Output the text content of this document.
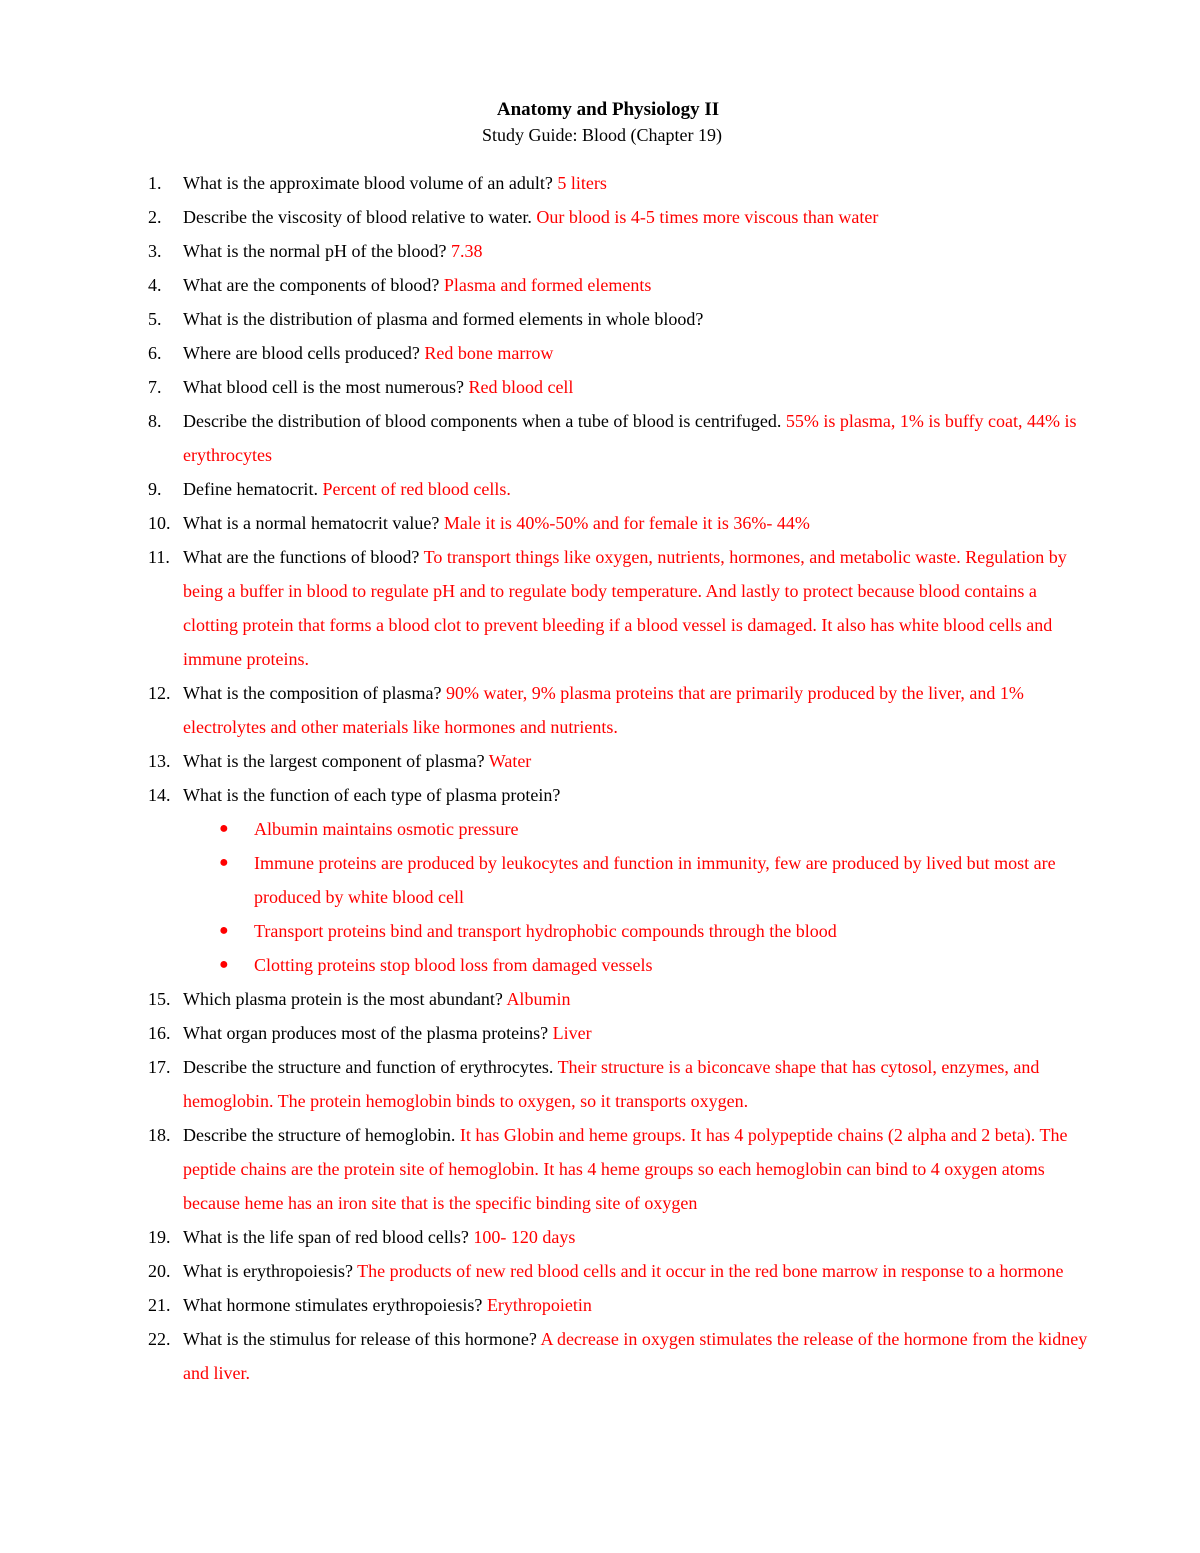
Anatomy and Physiology II
Study Guide: Blood (Chapter 19)
1. What is the approximate blood volume of an adult? 5 liters
2. Describe the viscosity of blood relative to water. Our blood is 4-5 times more viscous than water
3. What is the normal pH of the blood? 7.38
4. What are the components of blood? Plasma and formed elements
5. What is the distribution of plasma and formed elements in whole blood?
6. Where are blood cells produced? Red bone marrow
7. What blood cell is the most numerous? Red blood cell
8. Describe the distribution of blood components when a tube of blood is centrifuged. 55% is plasma, 1% is buffy coat, 44% is erythrocytes
9. Define hematocrit. Percent of red blood cells.
10. What is a normal hematocrit value? Male it is 40%-50% and for female it is 36%- 44%
11. What are the functions of blood? To transport things like oxygen, nutrients, hormones, and metabolic waste. Regulation by being a buffer in blood to regulate pH and to regulate body temperature. And lastly to protect because blood contains a clotting protein that forms a blood clot to prevent bleeding if a blood vessel is damaged. It also has white blood cells and immune proteins.
12. What is the composition of plasma? 90% water, 9% plasma proteins that are primarily produced by the liver, and 1% electrolytes and other materials like hormones and nutrients.
13. What is the largest component of plasma? Water
14. What is the function of each type of plasma protein?
● Albumin maintains osmotic pressure
● Immune proteins are produced by leukocytes and function in immunity, few are produced by lived but most are produced by white blood cell
● Transport proteins bind and transport hydrophobic compounds through the blood
● Clotting proteins stop blood loss from damaged vessels
15. Which plasma protein is the most abundant? Albumin
16. What organ produces most of the plasma proteins? Liver
17. Describe the structure and function of erythrocytes. Their structure is a biconcave shape that has cytosol, enzymes, and hemoglobin. The protein hemoglobin binds to oxygen, so it transports oxygen.
18. Describe the structure of hemoglobin. It has Globin and heme groups. It has 4 polypeptide chains (2 alpha and 2 beta). The peptide chains are the protein site of hemoglobin. It has 4 heme groups so each hemoglobin can bind to 4 oxygen atoms because heme has an iron site that is the specific binding site of oxygen
19. What is the life span of red blood cells? 100- 120 days
20. What is erythropoiesis? The products of new red blood cells and it occur in the red bone marrow in response to a hormone
21. What hormone stimulates erythropoiesis? Erythropoietin
22. What is the stimulus for release of this hormone? A decrease in oxygen stimulates the release of the hormone from the kidney and liver.
